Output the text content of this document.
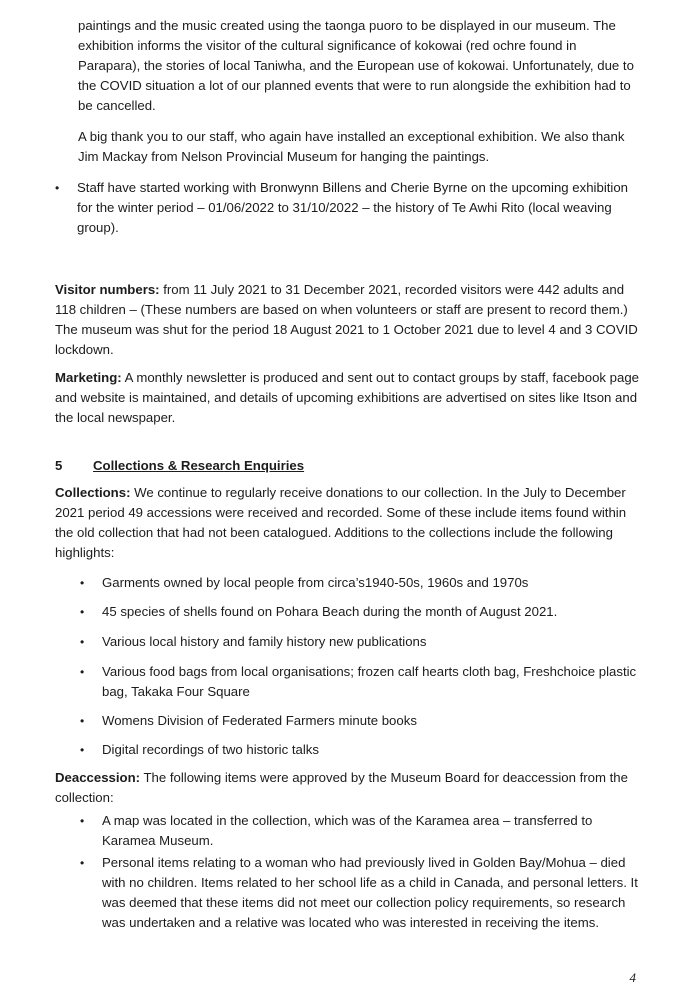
paintings and the music created using the taonga puoro to be displayed in our museum. The exhibition informs the visitor of the cultural significance of kokowai (red ochre found in Parapara), the stories of local Taniwha, and the European use of kokowai. Unfortunately, due to the COVID situation a lot of our planned events that were to run alongside the exhibition had to be cancelled.

A big thank you to our staff, who again have installed an exceptional exhibition. We also thank Jim Mackay from Nelson Provincial Museum for hanging the paintings.

•	Staff have started working with Bronwynn Billens and Cherie Byrne on the upcoming exhibition for the winter period – 01/06/2022 to 31/10/2022 – the history of Te Awhi Rito (local weaving group).

Visitor numbers: from 11 July 2021 to 31 December 2021, recorded visitors were 442 adults and 118 children – (These numbers are based on when volunteers or staff are present to record them.) The museum was shut for the period 18 August 2021 to 1 October 2021 due to level 4 and 3 COVID lockdown.

Marketing: A monthly newsletter is produced and sent out to contact groups by staff, facebook page and website is maintained, and details of upcoming exhibitions are advertised on sites like Itson and the local newspaper.

5 Collections & Research Enquiries

Collections: We continue to regularly receive donations to our collection. In the July to December 2021 period 49 accessions were received and recorded. Some of these include items found within the old collection that had not been catalogued. Additions to the collections include the following highlights:

•	Garments owned by local people from circa’s1940-50s, 1960s and 1970s
•	45 species of shells found on Pohara Beach during the month of August 2021.
•	Various local history and family history new publications
•	Various food bags from local organisations; frozen calf hearts cloth bag, Freshchoice plastic bag, Takaka Four Square
•	Womens Division of Federated Farmers minute books
•	Digital recordings of two historic talks

Deaccession: The following items were approved by the Museum Board for deaccession from the collection:

•	A map was located in the collection, which was of the Karamea area – transferred to Karamea Museum.
•	Personal items relating to a woman who had previously lived in Golden Bay/Mohua – died with no children. Items related to her school life as a child in Canada, and personal letters. It was deemed that these items did not meet our collection policy requirements, so research was undertaken and a relative was located who was interested in receiving the items.
4
